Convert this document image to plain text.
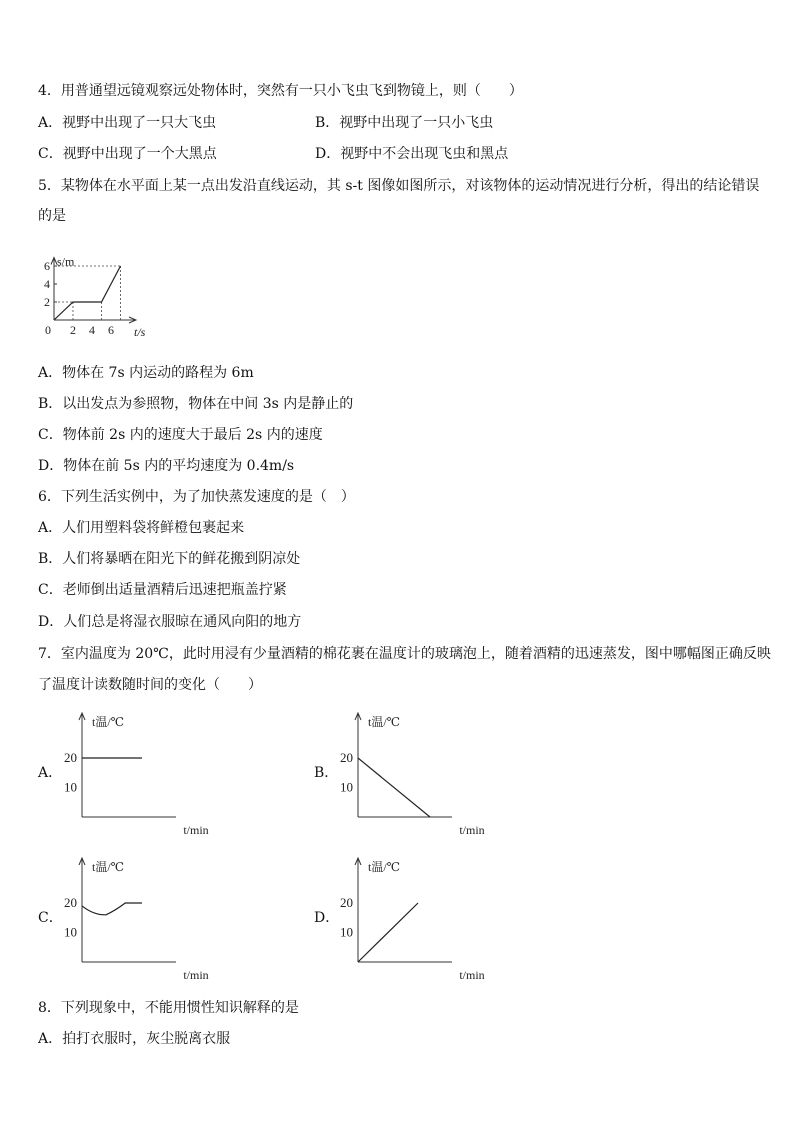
4．用普通望远镜观察远处物体时，突然有一只小飞虫飞到物镜上，则（　　）
A．视野中出现了一只大飞虫	B．视野中出现了一只小飞虫
C．视野中出现了一个大黑点	D．视野中不会出现飞虫和黑点
5．某物体在水平面上某一点出发沿直线运动，其 s-t 图像如图所示，对该物体的运动情况进行分析，得出的结论错误
的是
s/m
t/s
0 2 4 6
2
4
6
A．物体在 7s 内运动的路程为 6m
B．以出发点为参照物，物体在中间 3s 内是静止的
C．物体前 2s 内的速度大于最后 2s 内的速度
D．物体在前 5s 内的平均速度为 0.4m/s
6．下列生活实例中，为了加快蒸发速度的是（　）
A．人们用塑料袋将鲜橙包裹起来
B．人们将暴晒在阳光下的鲜花搬到阴凉处
C．老师倒出适量酒精后迅速把瓶盖拧紧
D．人们总是将湿衣服晾在通风向阳的地方
7．室内温度为 20℃，此时用浸有少量酒精的棉花裹在温度计的玻璃泡上，随着酒精的迅速蒸发，图中哪幅图正确反映
了温度计读数随时间的变化（　　）
A．	B．
C．	D．
t温/℃
t/min
20
10
t温/℃
t/min
20
10
t温/℃
t/min
20
10
t温/℃
t/min
20
10
8．下列现象中，不能用惯性知识解释的是
A．拍打衣服时，灰尘脱离衣服
